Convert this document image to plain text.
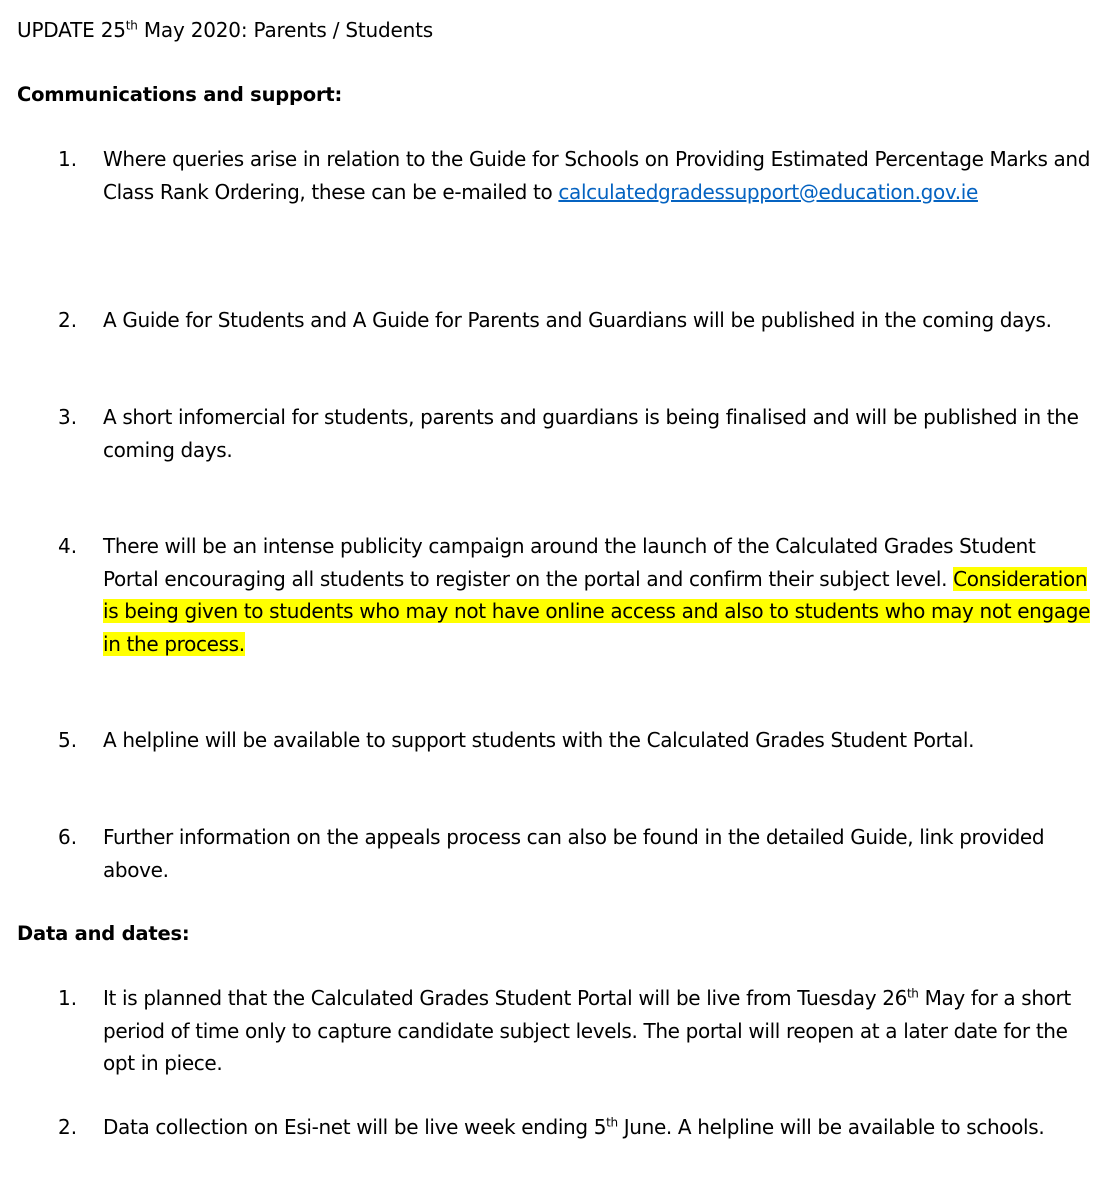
UPDATE 25th May 2020: Parents / Students
Communications and support:
1.	Where queries arise in relation to the Guide for Schools on Providing Estimated Percentage Marks and Class Rank Ordering, these can be e-mailed to calculatedgradessupport@education.gov.ie
2.	A Guide for Students and A Guide for Parents and Guardians will be published in the coming days.
3.	A short infomercial for students, parents and guardians is being finalised and will be published in the coming days.
4.	There will be an intense publicity campaign around the launch of the Calculated Grades Student Portal encouraging all students to register on the portal and confirm their subject level. Consideration is being given to students who may not have online access and also to students who may not engage in the process.
5.	A helpline will be available to support students with the Calculated Grades Student Portal.
6.	Further information on the appeals process can also be found in the detailed Guide, link provided above.
Data and dates:
1.	It is planned that the Calculated Grades Student Portal will be live from Tuesday 26th May for a short period of time only to capture candidate subject levels. The portal will reopen at a later date for the opt in piece.
2.	Data collection on Esi-net will be live week ending 5th June. A helpline will be available to schools.
